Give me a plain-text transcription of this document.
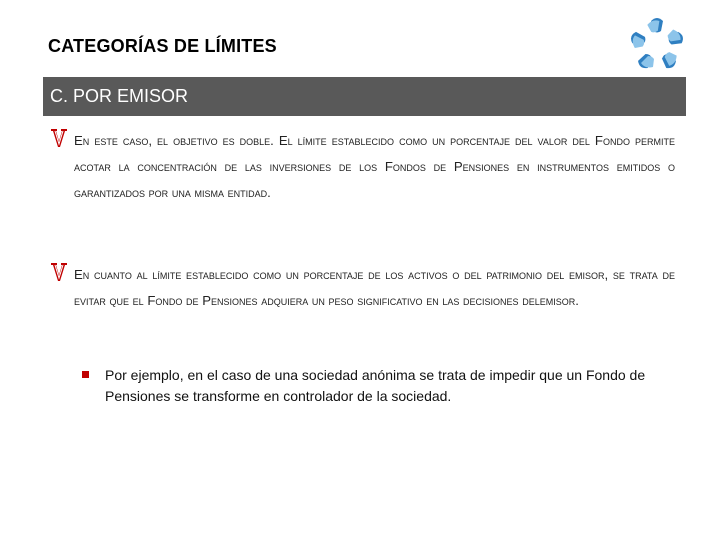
CATEGORÍAS DE LÍMITES
C. POR EMISOR
En este caso, el objetivo es doble. El límite establecido como un porcentaje del valor del Fondo permite acotar la concentración de las inversiones de los Fondos de Pensiones en instrumentos emitidos o garantizados por una misma entidad.
En cuanto al límite establecido como un porcentaje de los activos o del patrimonio del emisor, se trata de evitar que el Fondo de Pensiones adquiera un peso significativo en las decisiones delemisor.
Por ejemplo, en el caso de una sociedad anónima se trata de impedir que un Fondo de Pensiones se transforme en controlador de la sociedad.
